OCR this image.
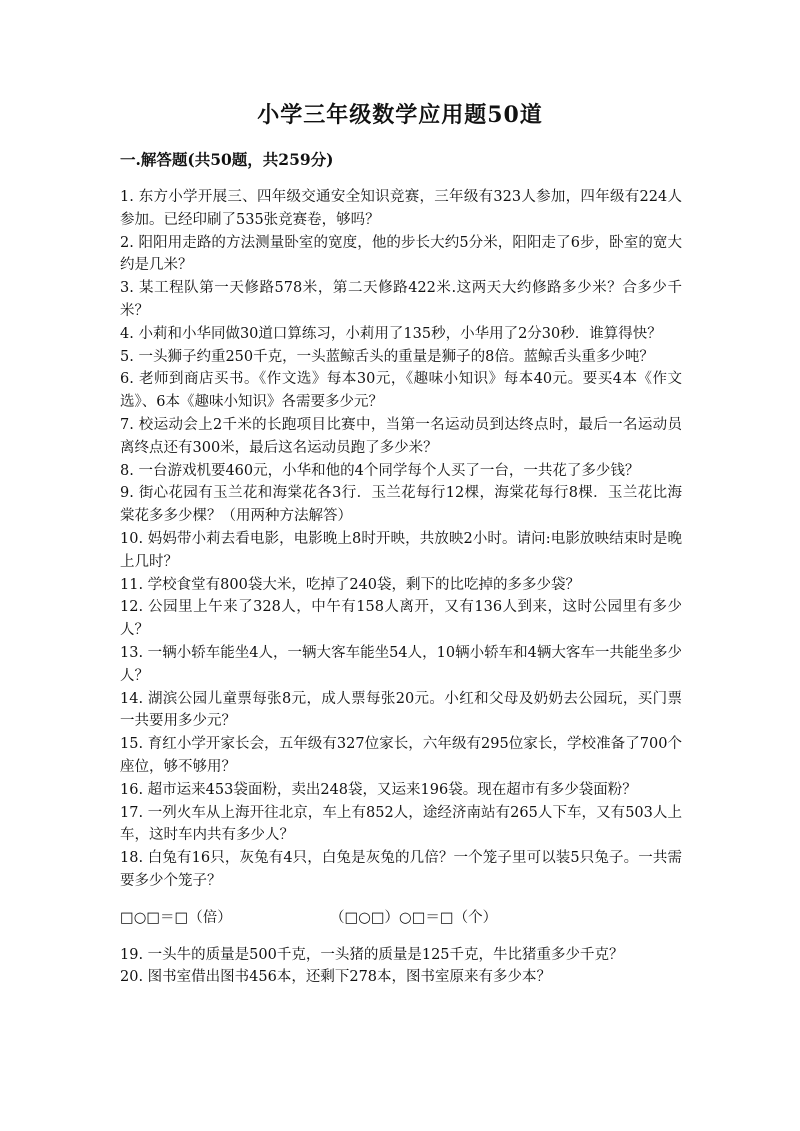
小学三年级数学应用题50道
一.解答题(共50题，共259分)

1. 东方小学开展三、四年级交通安全知识竞赛，三年级有323人参加，四年级有224人参加。已经印刷了535张竞赛卷，够吗？

2. 阳阳用走路的方法测量卧室的宽度，他的步长大约5分米，阳阳走了6步，卧室的宽大约是几米？

3. 某工程队第一天修路578米，第二天修路422米.这两天大约修路多少米？合多少千米？

4. 小莉和小华同做30道口算练习，小莉用了135秒，小华用了2分30秒．谁算得快？

5. 一头狮子约重250千克，一头蓝鲸舌头的重量是狮子的8倍。蓝鲸舌头重多少吨？

6. 老师到商店买书。《作文选》每本30元，《趣味小知识》每本40元。要买4本《作文选》、6本《趣味小知识》各需要多少元？

7. 校运动会上2千米的长跑项目比赛中，当第一名运动员到达终点时，最后一名运动员离终点还有300米，最后这名运动员跑了多少米？

8. 一台游戏机要460元，小华和他的4个同学每个人买了一台，一共花了多少钱？

9. 街心花园有玉兰花和海棠花各3行．玉兰花每行12棵，海棠花每行8棵．玉兰花比海棠花多多少棵？（用两种方法解答）

10. 妈妈带小莉去看电影，电影晚上8时开映，共放映2小时。请问:电影放映结束时是晚上几时？

11. 学校食堂有800袋大米，吃掉了240袋，剩下的比吃掉的多多少袋？

12. 公园里上午来了328人，中午有158人离开，又有136人到来，这时公园里有多少人？

13. 一辆小轿车能坐4人，一辆大客车能坐54人，10辆小轿车和4辆大客车一共能坐多少人？

14. 湖滨公园儿童票每张8元，成人票每张20元。小红和父母及奶奶去公园玩，买门票一共要用多少元？

15. 育红小学开家长会，五年级有327位家长，六年级有295位家长，学校准备了700个座位，够不够用？

16. 超市运来453袋面粉，卖出248袋，又运来196袋。现在超市有多少袋面粉？

17. 一列火车从上海开往北京，车上有852人，途经济南站有265人下车，又有503人上车，这时车内共有多少人？

18. 白兔有16只，灰兔有4只，白兔是灰兔的几倍？一个笼子里可以装5只兔子。一共需要多少个笼子？

□○□＝□（倍）	（□○□）○□＝□（个）

19. 一头牛的质量是500千克，一头猪的质量是125千克，牛比猪重多少千克？

20. 图书室借出图书456本，还剩下278本，图书室原来有多少本？
